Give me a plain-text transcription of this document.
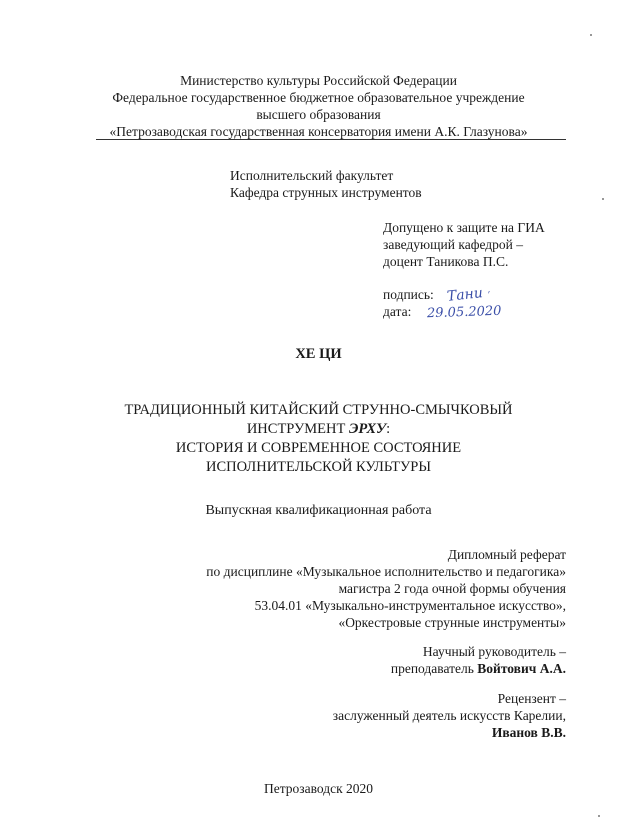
Министерство культуры Российской Федерации
Федеральное государственное бюджетное образовательное учреждение
высшего образования
«Петрозаводская государственная консерватория имени А.К. Глазунова»
Исполнительский факультет
Кафедра струнных инструментов
Допущено к защите на ГИА
заведующий кафедрой –
доцент Таникова П.С.
подпись: Тани ′
дата: 29.05.2020
ХЕ ЦИ
ТРАДИЦИОННЫЙ КИТАЙСКИЙ СТРУННО-СМЫЧКОВЫЙ
ИНСТРУМЕНТ ЭРХУ:
ИСТОРИЯ И СОВРЕМЕННОЕ СОСТОЯНИЕ
ИСПОЛНИТЕЛЬСКОЙ КУЛЬТУРЫ
Выпускная квалификационная работа
Дипломный реферат
по дисциплине «Музыкальное исполнительство и педагогика»
магистра 2 года очной формы обучения
53.04.01 «Музыкально-инструментальное искусство»,
«Оркестровые струнные инструменты»
Научный руководитель –
преподаватель Войтович А.А.
Рецензент –
заслуженный деятель искусств Карелии,
Иванов В.В.
Петрозаводск 2020
